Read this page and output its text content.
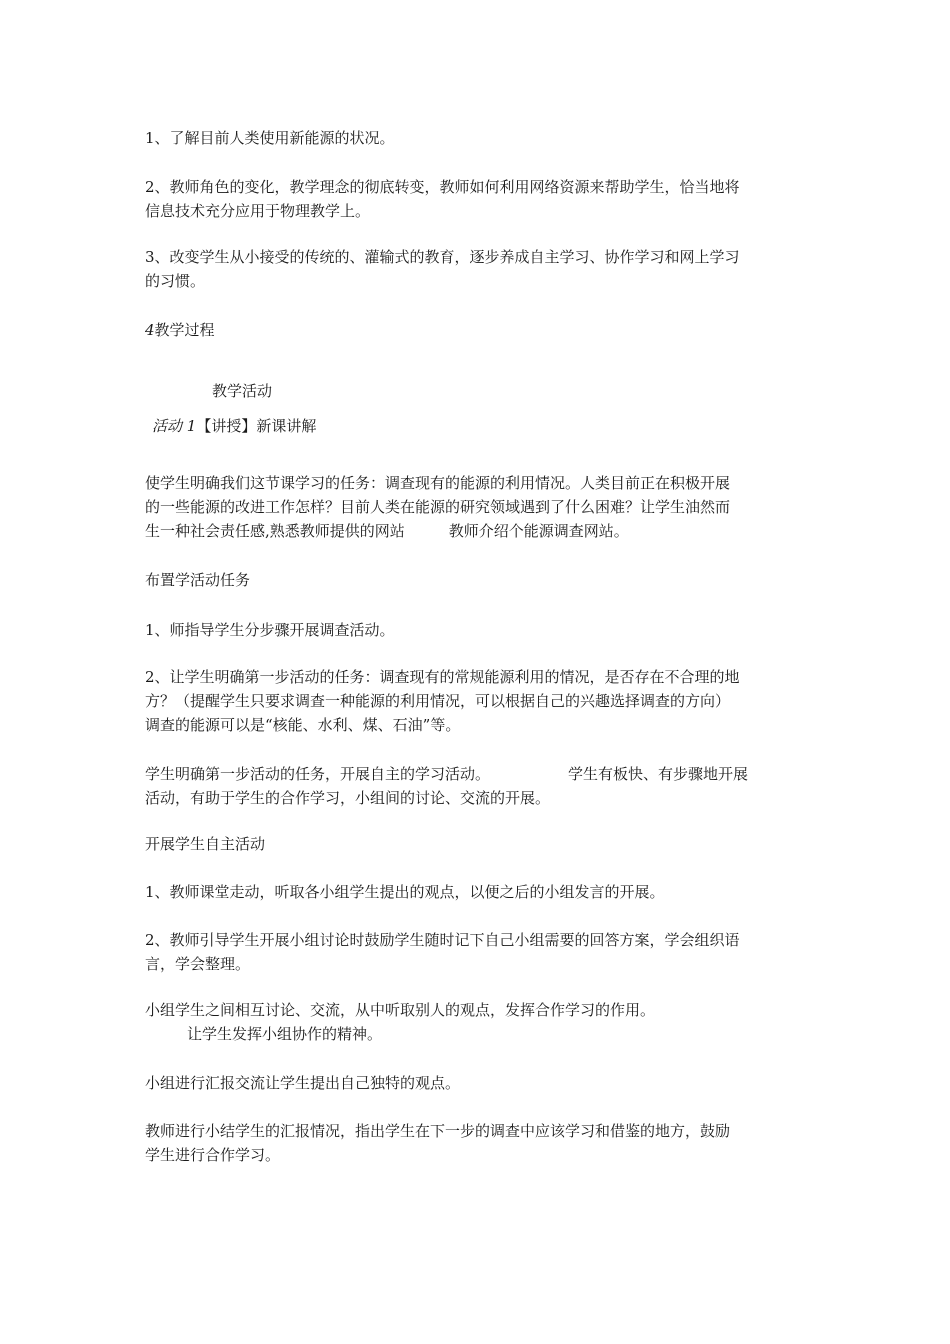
1、了解目前人类使用新能源的状况。

2、教师角色的变化，教学理念的彻底转变，教师如何利用网络资源来帮助学生，恰当地将
信息技术充分应用于物理教学上。

3、改变学生从小接受的传统的、灌输式的教育，逐步养成自主学习、协作学习和网上学习
的习惯。

4教学过程

教学活动

活动 1【讲授】新课讲解

使学生明确我们这节课学习的任务：调查现有的能源的利用情况。人类目前正在积极开展
的一些能源的改进工作怎样？目前人类在能源的研究领域遇到了什么困难？让学生油然而
生一种社会责任感,熟悉教师提供的网站	教师介绍个能源调查网站。

布置学活动任务

1、师指导学生分步骤开展调查活动。

2、让学生明确第一步活动的任务：调查现有的常规能源利用的情况，是否存在不合理的地
方？（提醒学生只要求调查一种能源的利用情况，可以根据自己的兴趣选择调查的方向）
调查的能源可以是“核能、水利、煤、石油”等。

学生明确第一步活动的任务，开展自主的学习活动。	学生有板快、有步骤地开展
活动，有助于学生的合作学习，小组间的讨论、交流的开展。

开展学生自主活动

1、教师课堂走动，听取各小组学生提出的观点，以便之后的小组发言的开展。

2、教师引导学生开展小组讨论时鼓励学生随时记下自己小组需要的回答方案，学会组织语
言，学会整理。

小组学生之间相互讨论、交流，从中听取别人的观点，发挥合作学习的作用。
让学生发挥小组协作的精神。

小组进行汇报交流让学生提出自己独特的观点。

教师进行小结学生的汇报情况，指出学生在下一步的调查中应该学习和借鉴的地方，鼓励
学生进行合作学习。
